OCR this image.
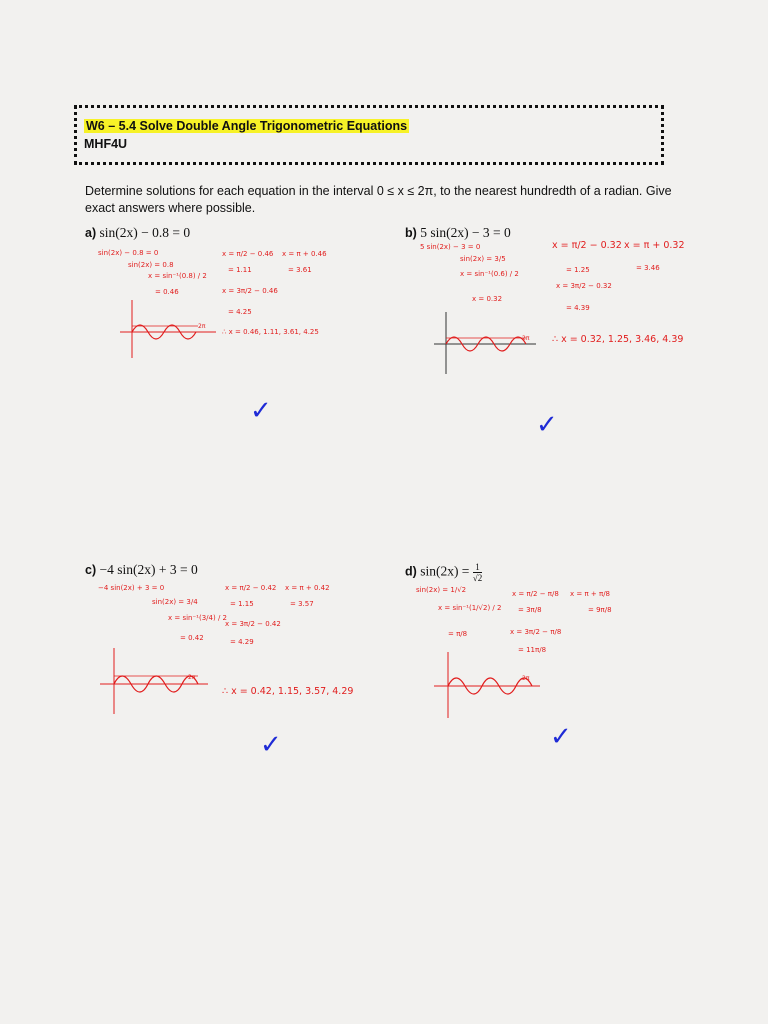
W6 – 5.4 Solve Double Angle Trigonometric Equations
MHF4U
Determine solutions for each equation in the interval 0 ≤ x ≤ 2π, to the nearest hundredth of a radian. Give exact answers where possible.
a) sin(2x) − 0.8 = 0
sin(2x) − 0.8 = 0
sin(2x) = 0.8
x = sin⁻¹(0.8) / 2
= 0.46
x = π/2 − 0.46
= 1.11
x = π + 0.46
= 3.61
x = 3π/2 − 0.46
= 4.25
∴ x = 0.46, 1.11, 3.61, 4.25
2π
✓
b) 5 sin(2x) − 3 = 0
5 sin(2x) − 3 = 0
sin(2x) = 3/5
x = sin⁻¹(0.6) / 2
x = 0.32
x = π/2 − 0.32
= 1.25
x = π + 0.32
= 3.46
x = 3π/2 − 0.32
= 4.39
∴ x = 0.32, 1.25, 3.46, 4.39
2π
✓
c) −4 sin(2x) + 3 = 0
−4 sin(2x) + 3 = 0
sin(2x) = 3/4
x = sin⁻¹(3/4) / 2
= 0.42
x = π/2 − 0.42
= 1.15
x = π + 0.42
= 3.57
x = 3π/2 − 0.42
= 4.29
∴ x = 0.42, 1.15, 3.57, 4.29
2π
✓
d) $\sin(2x) = \frac{1}{√2}$
sin(2x) = 1/√2
x = sin⁻¹(1/√2) / 2
= π/8
x = π/2 − π/8
= 3π/8
x = π + π/8
= 9π/8
x = 3π/2 − π/8
= 11π/8
2π
✓
